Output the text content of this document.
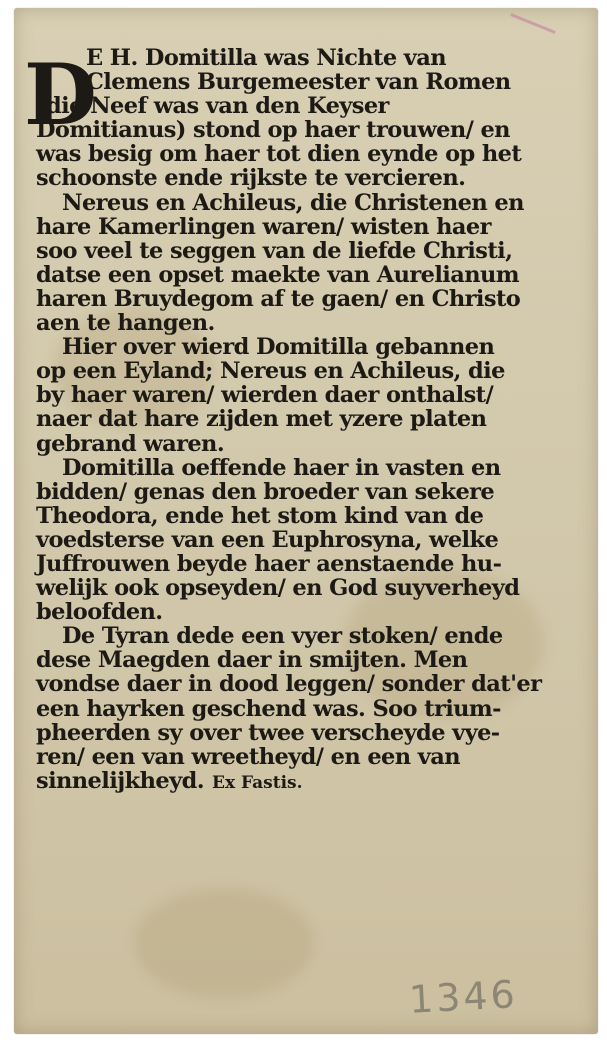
D

E H. Domitilla was Nichte van
Clemens Burgemeester van Romen
(die Neef was van den Keyser
Domitianus) stond op haer trouwen/ en
was besig om haer tot dien eynde op het
schoonste ende rijkste te vercieren.

Nereus en Achileus, die Christenen en
hare Kamerlingen waren/ wisten haer
soo veel te seggen van de liefde Christi,
datse een opset maekte van Aurelianum
haren Bruydegom af te gaen/ en Christo
aen te hangen.

Hier over wierd Domitilla gebannen
op een Eyland; Nereus en Achileus, die
by haer waren/ wierden daer onthalst/
naer dat hare zijden met yzere platen
gebrand waren.

Domitilla oeffende haer in vasten en
bidden/ genas den broeder van sekere
Theodora, ende het stom kind van de
voedsterse van een Euphrosyna, welke
Juffrouwen beyde haer aenstaende hu-
welijk ook opseyden/ en God suyverheyd
beloofden.

De Tyran dede een vyer stoken/ ende
dese Maegden daer in smijten. Men
vondse daer in dood leggen/ sonder dat'er
een hayrken geschend was. Soo trium-
pheerden sy over twee verscheyde vye-
ren/ een van wreetheyd/ en een van
sinnelijkheyd. Ex Fastis.

1346
